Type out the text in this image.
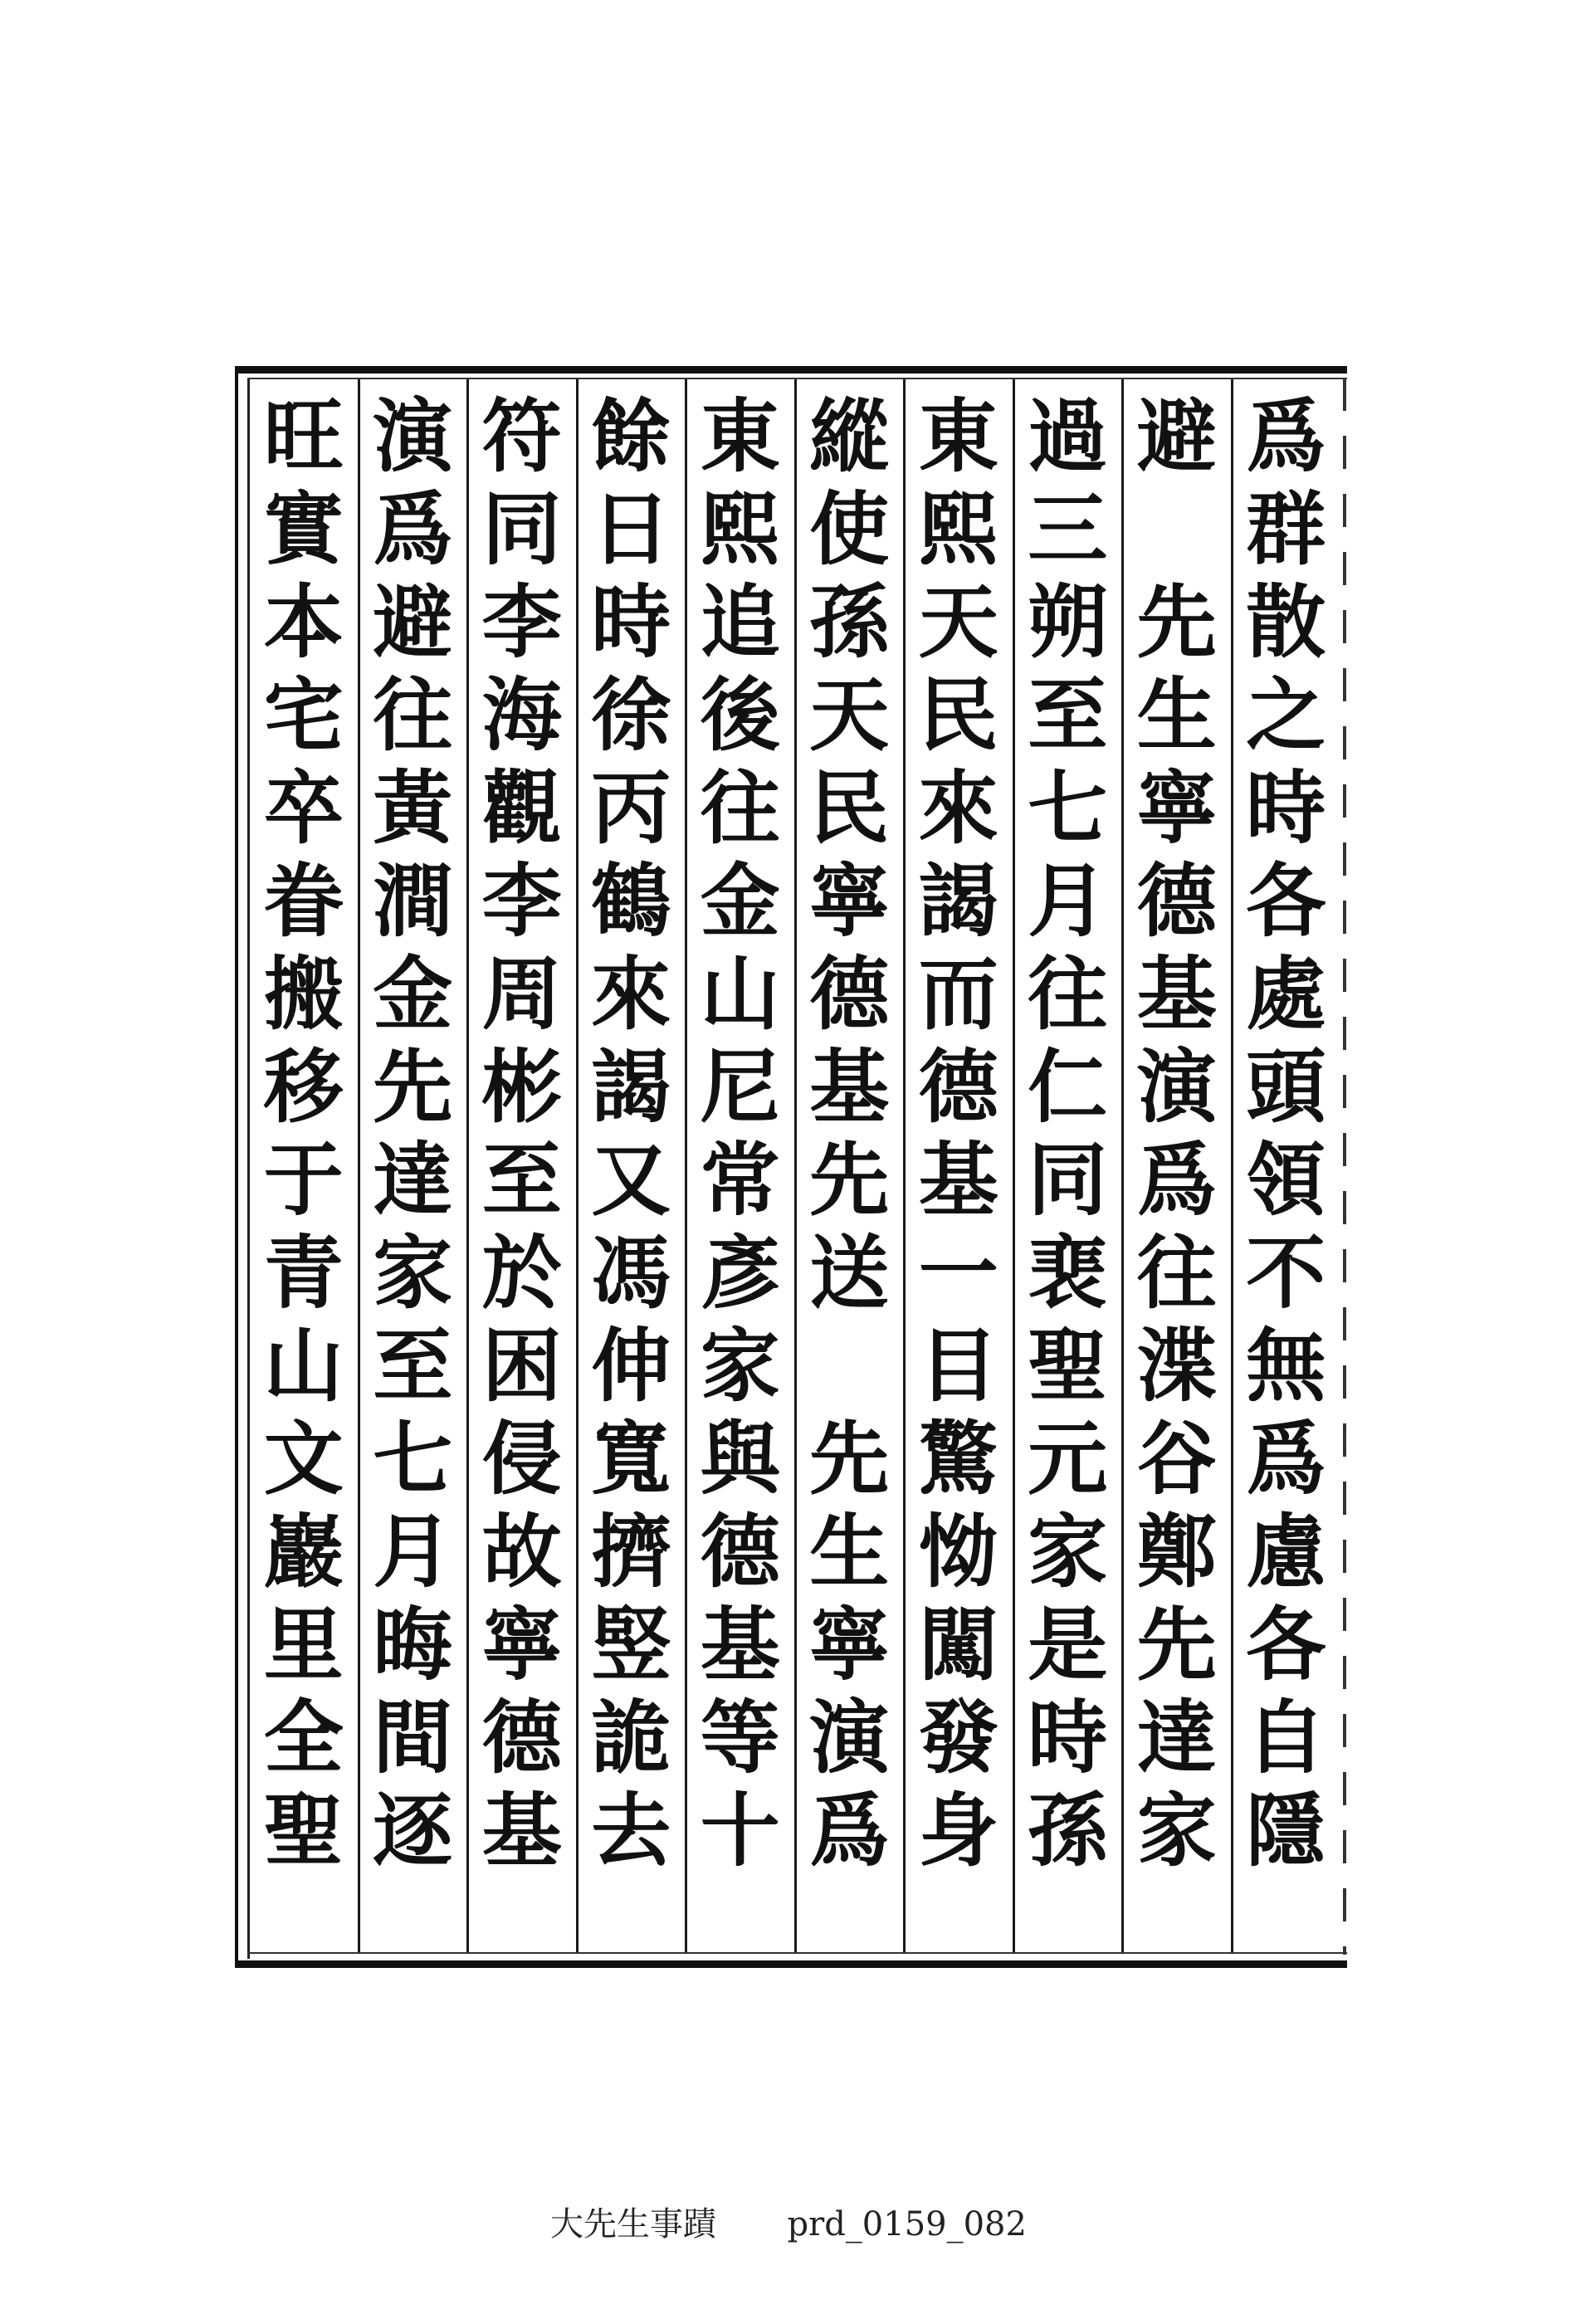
爲
群
散
之
時
各
處
頭
領
不
無
爲
慮
各
自
隱
避

先
生
寧
德
基
演
爲
往
渫
谷
鄭
先
達
家
過
三
朔
至
七
月
往
仁
同
裵
聖
元
家
是
時
孫
東
熙
天
民
來
謁
而
德
基
一
目
驚
怮
闖
發
身
縱
使
孫
天
民
寧
德
基
先
送

先
生
寧
演
爲
東
熙
追
後
往
金
山
尼
常
彥
家
與
德
基
等
十
餘
日
時
徐
丙
鶴
來
謁
又
馮
伸
寬
擠
竪
詭
去
符
同
李
海
觀
李
周
彬
至
於
困
侵
故
寧
德
基
演
爲
避
往
黃
澗
金
先
達
家
至
七
月
晦
間
逐
旺
實
本
宅
卒
眷
搬
移
于
青
山
文
巖
里
全
聖
大先生事蹟 prd_0159_082
